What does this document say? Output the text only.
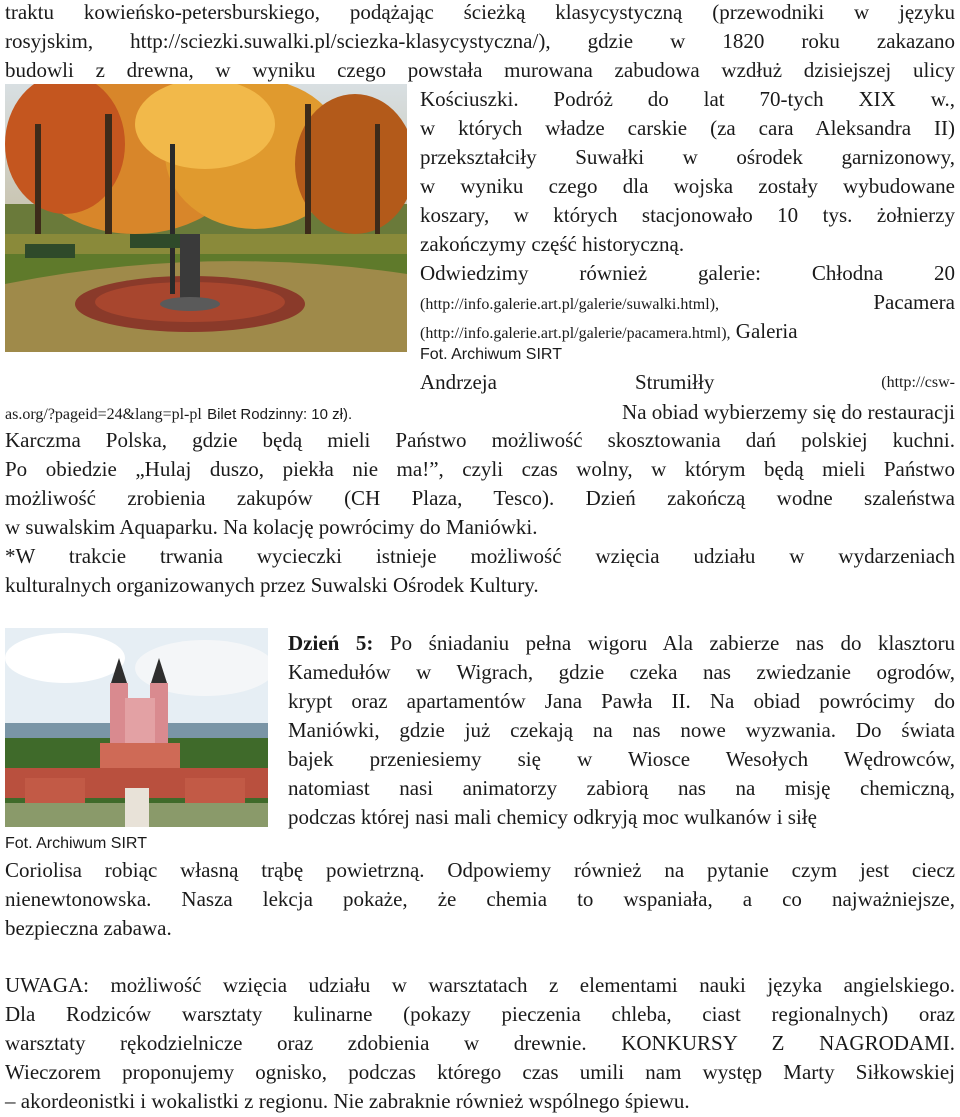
traktu kowieńsko-petersburskiego, podążając ścieżką klasycystyczną (przewodniki w języku
rosyjskim, http://sciezki.suwalki.pl/sciezka-klasycystyczna/), gdzie w 1820 roku zakazano
budowli z drewna, w wyniku czego powstała murowana zabudowa wzdłuż dzisiejszej ulicy
Kościuszki. Podróż do lat 70-tych XIX w.,
w których władze carskie (za cara Aleksandra II)
przekształciły Suwałki w ośrodek garnizonowy,
w wyniku czego dla wojska zostały wybudowane
koszary, w których stacjonowało 10 tys. żołnierzy
zakończymy część historyczną.
Odwiedzimy również galerie: Chłodna 20
(http://info.galerie.art.pl/galerie/suwalki.html),	Pacamera
(http://info.galerie.art.pl/galerie/pacamera.html), Galeria
Fot. Archiwum SIRT
Andrzeja	Strumiłły	(http://csw-
as.org/?pageid=24&lang=pl-pl Bilet Rodzinny: 10 zł).	Na obiad wybierzemy się do restauracji
Karczma Polska, gdzie będą mieli Państwo możliwość skosztowania dań polskiej kuchni.
Po obiedzie „Hulaj duszo, piekła nie ma!”, czyli czas wolny, w którym będą mieli Państwo
możliwość zrobienia zakupów (CH Plaza, Tesco). Dzień zakończą wodne szaleństwa
w suwalskim Aquaparku. Na kolację powrócimy do Maniówki.
*W trakcie trwania wycieczki istnieje możliwość wzięcia udziału w wydarzeniach
kulturalnych organizowanych przez Suwalski Ośrodek Kultury.
Fot. Archiwum SIRT
Dzień 5: Po śniadaniu pełna wigoru Ala zabierze nas do klasztoru
Kamedułów w Wigrach, gdzie czeka nas zwiedzanie ogrodów,
krypt oraz apartamentów Jana Pawła II. Na obiad powrócimy do
Maniówki, gdzie już czekają na nas nowe wyzwania. Do świata
bajek przeniesiemy się w Wiosce Wesołych Wędrowców,
natomiast nasi animatorzy zabiorą nas na misję chemiczną,
podczas której nasi mali chemicy odkryją moc wulkanów i siłę
Coriolisa robiąc własną trąbę powietrzną. Odpowiemy również na pytanie czym jest ciecz
nienewtonowska. Nasza lekcja pokaże, że chemia to wspaniała, a co najważniejsze,
bezpieczna zabawa.
UWAGA: możliwość wzięcia udziału w warsztatach z elementami nauki języka angielskiego.
Dla Rodziców warsztaty kulinarne (pokazy pieczenia chleba, ciast regionalnych) oraz
warsztaty rękodzielnicze oraz zdobienia w drewnie. KONKURSY Z NAGRODAMI.
Wieczorem proponujemy ognisko, podczas którego czas umili nam występ Marty Siłkowskiej
– akordeonistki i wokalistki z regionu. Nie zabraknie również wspólnego śpiewu.
